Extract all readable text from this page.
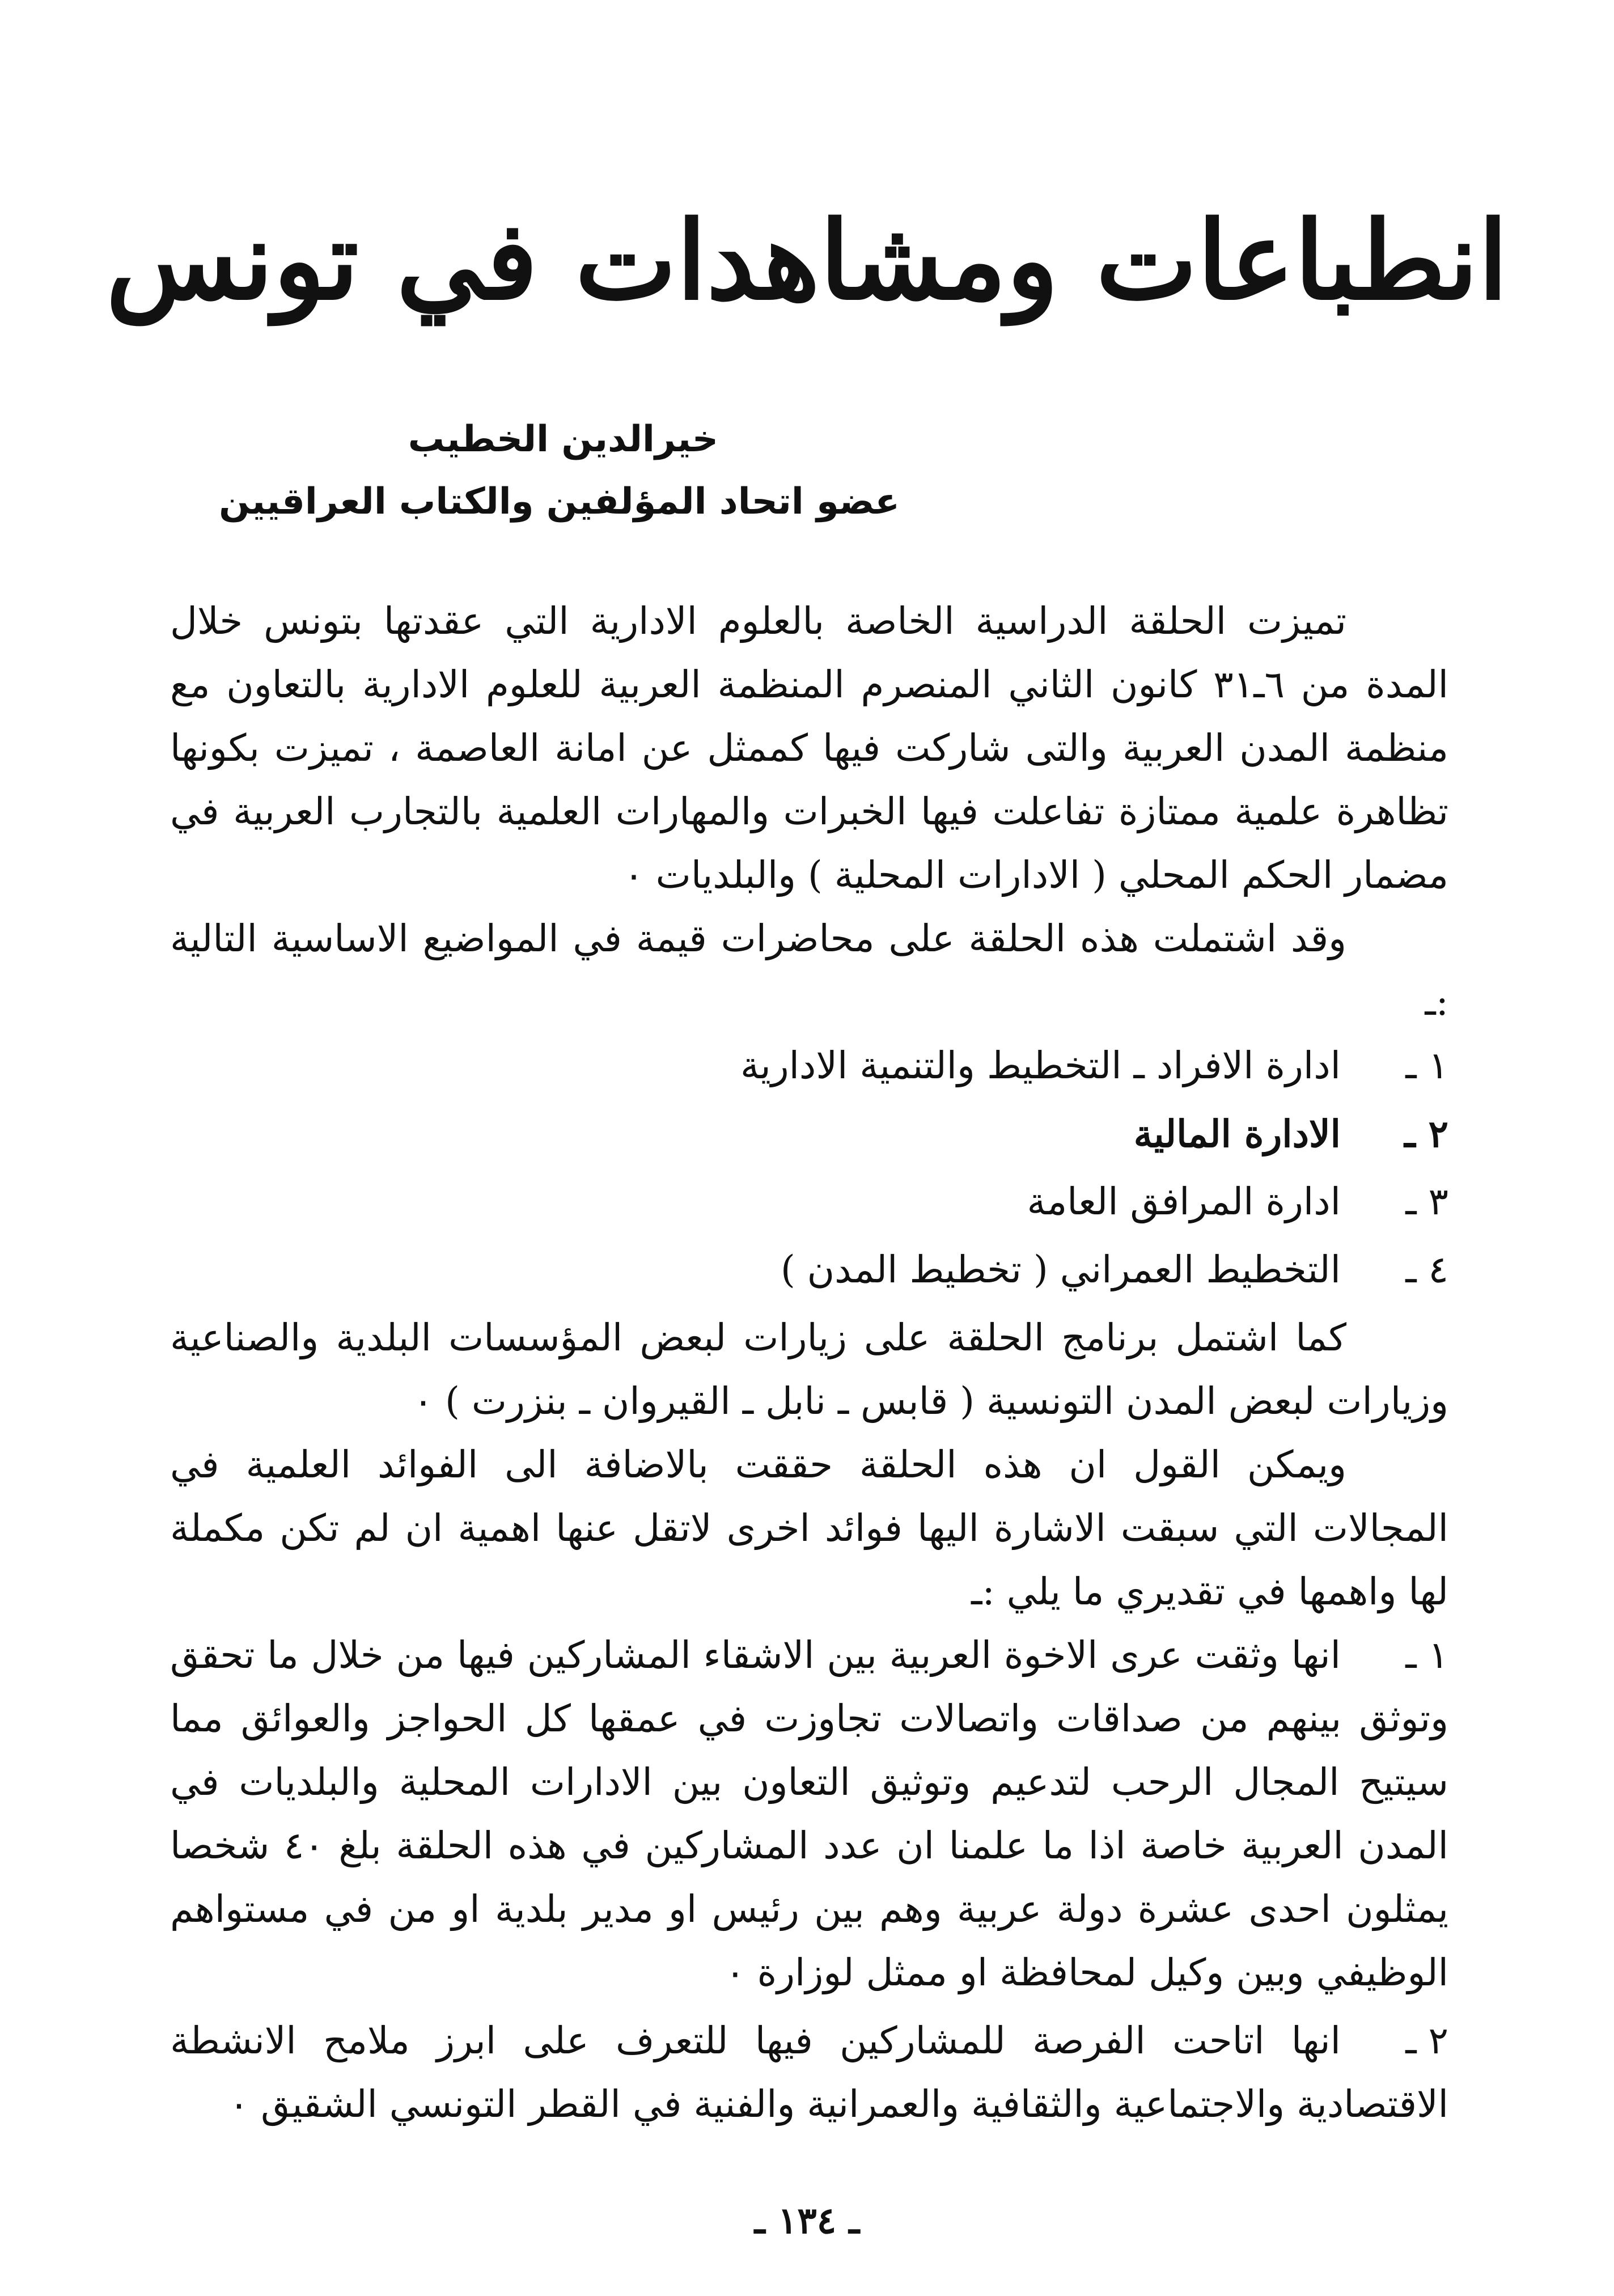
انطباعات ومشاهدات في تونس
خيرالدين الخطيب
عضو اتحاد المؤلفين والكتاب العراقيين

تميزت الحلقة الدراسية الخاصة بالعلوم الادارية التي عقدتها بتونس خلال المدة من ٦ـ٣١ كانون الثاني المنصرم المنظمة العربية للعلوم الادارية بالتعاون مع منظمة المدن العربية والتى شاركت فيها كممثل عن امانة العاصمة ، تميزت بكونها تظاهرة علمية ممتازة تفاعلت فيها الخبرات والمهارات العلمية بالتجارب العربية في مضمار الحكم المحلي ( الادارات المحلية ) والبلديات ٠

وقد اشتملت هذه الحلقة على محاضرات قيمة في المواضيع الاساسية التالية :ـ

١ ـادارة الافراد ـ التخطيط والتنمية الادارية
٢ ـالادارة المالية
٣ ـادارة المرافق العامة
٤ ـالتخطيط العمراني ( تخطيط المدن )

كما اشتمل برنامج الحلقة على زيارات لبعض المؤسسات البلدية والصناعية وزيارات لبعض المدن التونسية ( قابس ـ نابل ـ القيروان ـ بنزرت ) ٠

ويمكن القول ان هذه الحلقة حققت بالاضافة الى الفوائد العلمية في المجالات التي سبقت الاشارة اليها فوائد اخرى لاتقل عنها اهمية ان لم تكن مكملة لها واهمها في تقديري ما يلي :ـ

١ ـانها وثقت عرى الاخوة العربية بين الاشقاء المشاركين فيها من خلال ما تحقق وتوثق بينهم من صداقات واتصالات تجاوزت في عمقها كل الحواجز والعوائق مما سيتيح المجال الرحب لتدعيم وتوثيق التعاون بين الادارات المحلية والبلديات في المدن العربية خاصة اذا ما علمنا ان عدد المشاركين في هذه الحلقة بلغ ٤٠ شخصا يمثلون احدى عشرة دولة عربية وهم بين رئيس او مدير بلدية او من في مستواهم الوظيفي وبين وكيل لمحافظة او ممثل لوزارة ٠
٢ ـانها اتاحت الفرصة للمشاركين فيها للتعرف على ابرز ملامح الانشطة الاقتصادية والاجتماعية والثقافية والعمرانية والفنية في القطر التونسي الشقيق ٠
ـ ١٣٤ ـ
